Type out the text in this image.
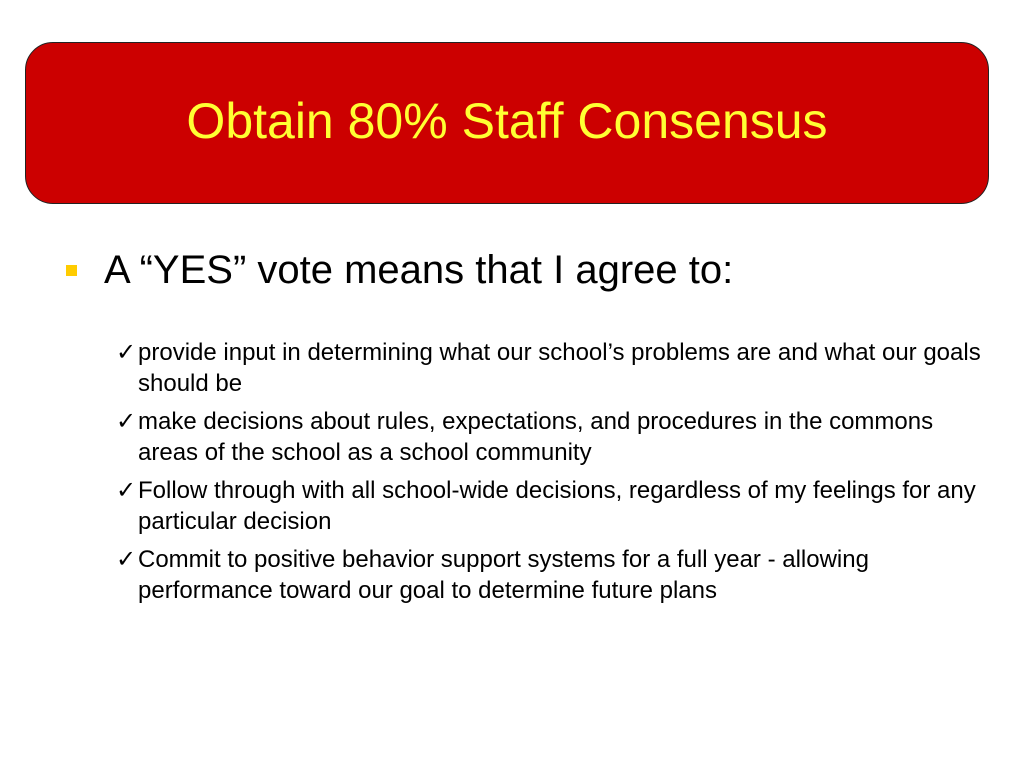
Obtain 80% Staff Consensus
A “YES” vote means that I agree to:
✓ provide input in determining what our school’s problems are and what our goals should be
✓ make decisions about rules, expectations, and procedures in the commons areas of the school as a school community
✓ Follow through with all school-wide decisions, regardless of my feelings for any particular decision
✓ Commit to positive behavior support systems for a full year - allowing performance toward our goal to determine future plans
